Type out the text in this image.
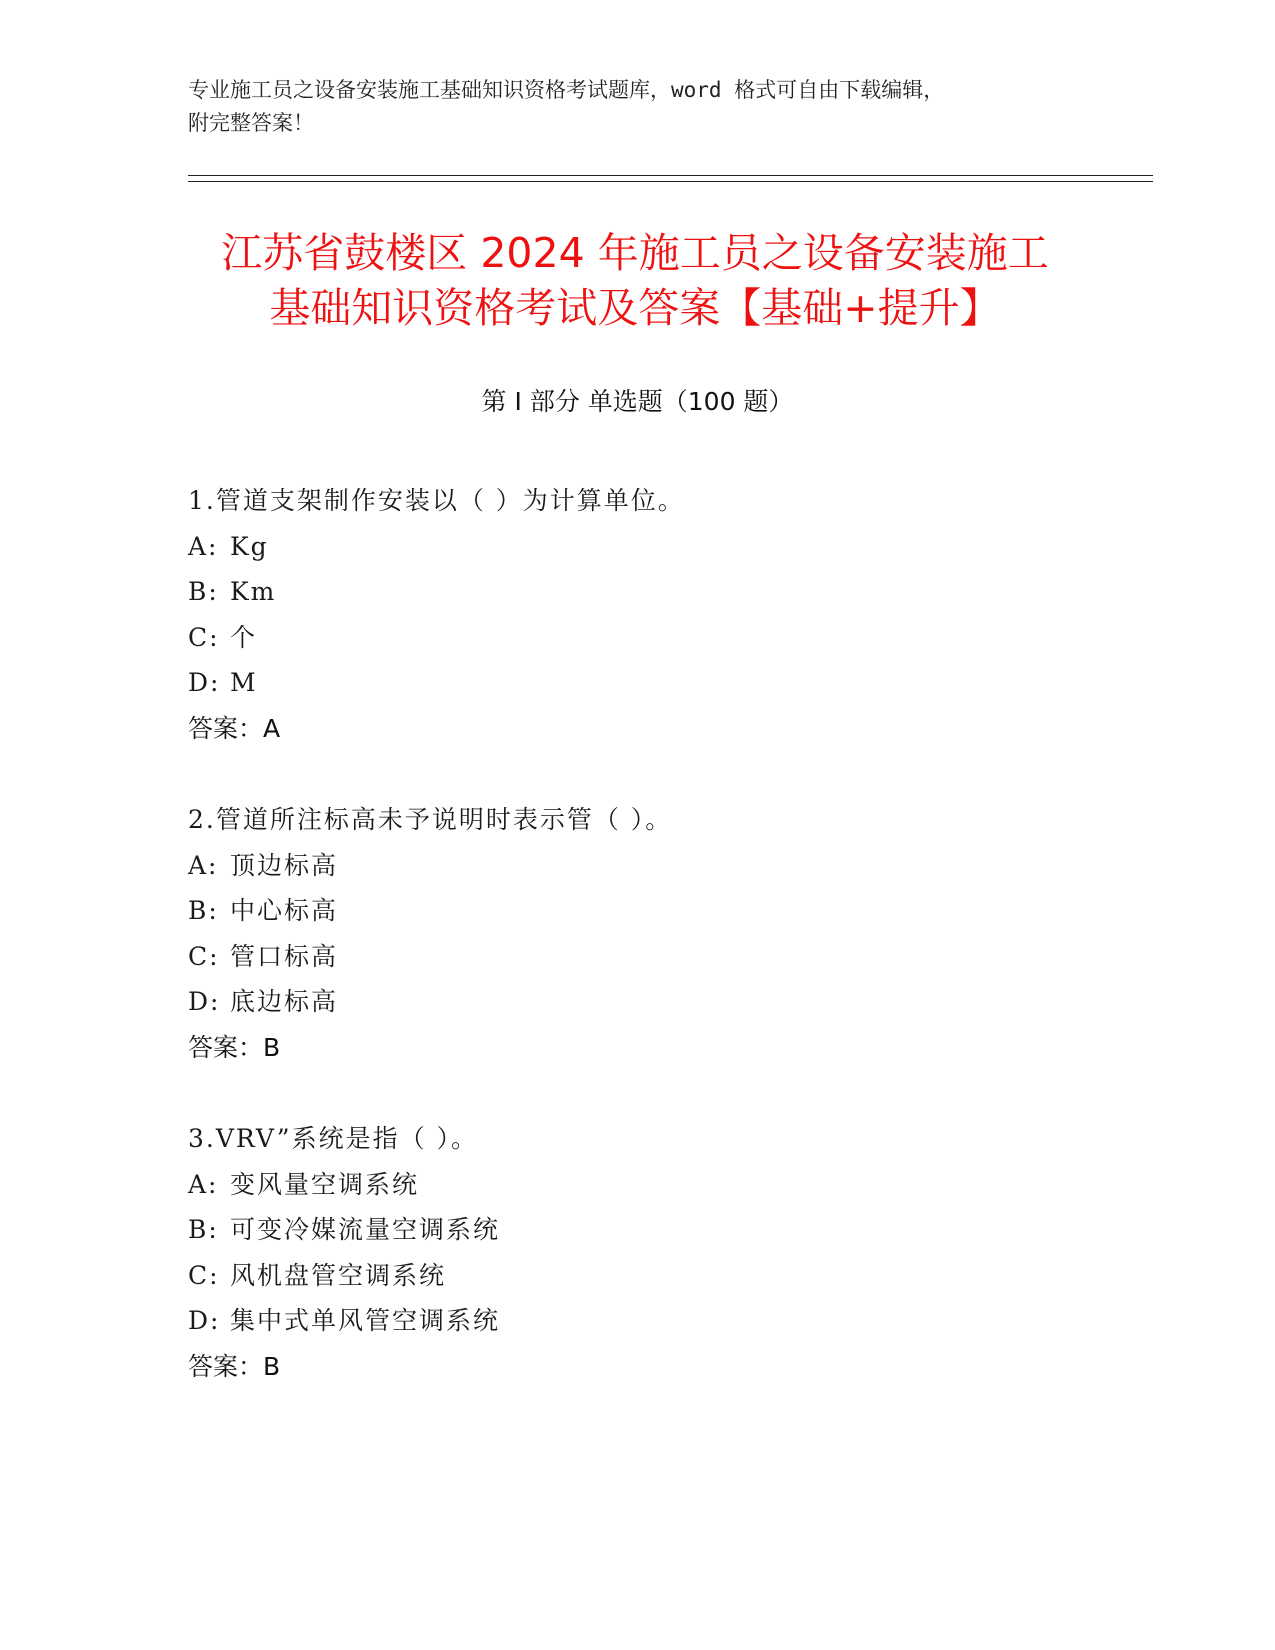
专业施工员之设备安装施工基础知识资格考试题库，word 格式可自由下载编辑，
附完整答案！
江苏省鼓楼区 2024 年施工员之设备安装施工
基础知识资格考试及答案【基础+提升】
第 I 部分 单选题（100 题）
1.管道支架制作安装以（ ）为计算单位。
A: Kg
B: Km
C: 个
D: M
答案：A
2.管道所注标高未予说明时表示管（ ）。
A: 顶边标高
B: 中心标高
C: 管口标高
D: 底边标高
答案：B
3.VRV”系统是指（ ）。
A: 变风量空调系统
B: 可变冷媒流量空调系统
C: 风机盘管空调系统
D: 集中式单风管空调系统
答案：B
